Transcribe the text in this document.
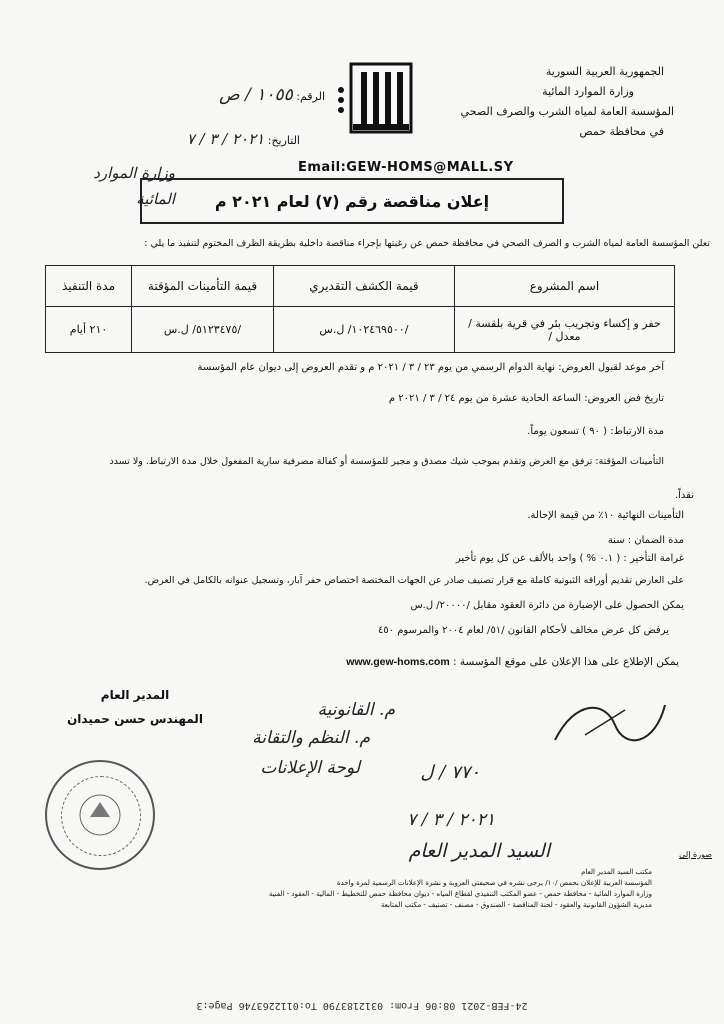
الجمهورية العربية السورية
وزارة الموارد المائية
المؤسسة العامة لمياه الشرب والصرف الصحي
في محافظة حمص
الرقم: ١٠٥٥ / ص
التاريخ: ٢٠٢١ / ٣ / ٧
Email:GEW-HOMS@MALL.SY
وزارة الموارد
المائية	إعلان مناقصة رقم (٧) لعام ٢٠٢١ م
تعلن المؤسسة العامة لمياه الشرب و الصرف الصحي في محافظة حمص عن رغبتها بإجراء مناقصة داخلية بطريقة الظرف المختوم لتنفيذ ما يلي :
اسم المشروع	قيمة الكشف التقديري	قيمة التأمينات المؤقتة	مدة التنفيذ
حفر و إكساء وتجريب بئر في قرية بلقسة / معدل /	/١٠٢٤٦٩٥٠٠/ ل.س	/٥١٢٣٤٧٥/ ل.س	٢١٠ أيام
آخر موعد لقبول العروض: نهاية الدوام الرسمي من يوم ٢٣ / ٣ / ٢٠٢١ م و تقدم العروض إلى ديوان عام المؤسسة
تاريخ فض العروض: الساعة الحادية عشرة من يوم ٢٤ / ٣ / ٢٠٢١ م
مدة الارتباط: ( ٩٠ ) تسعون يوماً.
التأمينات المؤقتة: ترفق مع العرض وتقدم بموجب شيك مصدق و مجير للمؤسسة أو كفالة مصرفية سارية المفعول خلال مدة الارتباط. ولا تسدد
نقداً.
التأمينات النهائية ١٠٪ من قيمة الإحالة.
مدة الضمان : سنة
غرامة التأخير : ( ٠.١ % ) واحد بالألف عن كل يوم تأخير
على العارض تقديم أوراقه الثبوتية كاملة مع قرار تصنيف صادر عن الجهات المختصة اختصاص حفر آبار، وتسجيل عنوانه بالكامل في العرض.
يمكن الحصول على الإضبارة من دائرة العقود مقابل /٢٠٠٠٠/ ل.س
يرفض كل عرض مخالف لأحكام القانون /٥١/ لعام ٢٠٠٤ والمرسوم ٤٥٠
يمكن الإطلاع على هذا الإعلان على موقع المؤسسة : www.gew-homs.com
المدير العام
المهندس حسن حميدان	م. القانونية
م. النظم والتقانة
لوحة الإعلانات	٧٧٠ / ل
٢٠٢١ / ٣ / ٧
السيد المدير العام	صورة إلى
مكتب السيد المدير العام
المؤسسة العربية للإعلان بحمص /١٠/ يرجى نشره في صحيفتي العروبة و نشرة الإعلانات الرسمية لمرة واحدة
وزارة الموارد المائية - محافظة حمص - عضو المكتب التنفيذي لقطاع المياه - ديوان محافظة حمص للتخطيط - المالية - العقود - الفنية
مديرية الشؤون القانونية والعقود - لجنة المناقصة - الصندوق - مصنف - تصنيف - مكتب المتابعة
24-FEB-2021 08:06 From: 0312183790 To:0112263746 Page:3
